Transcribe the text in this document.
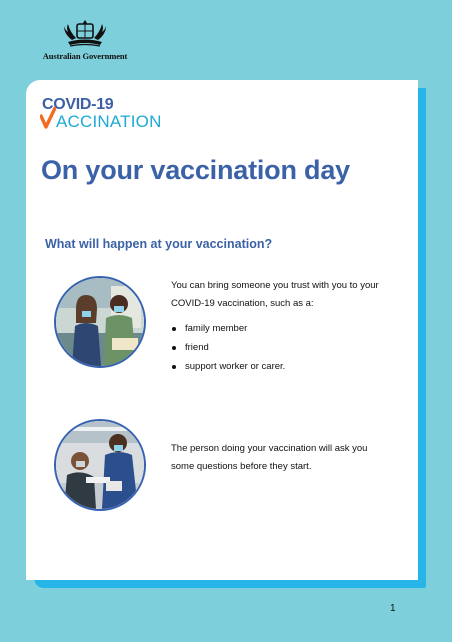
Australian Government
COVID-19
ACCINATION
On your vaccination day
What will happen at your vaccination?

You can bring someone you trust with you to your
COVID-19 vaccination, such as a:

family member
friend
support worker or carer.

The person doing your vaccination will ask you
some questions before they start.

1
